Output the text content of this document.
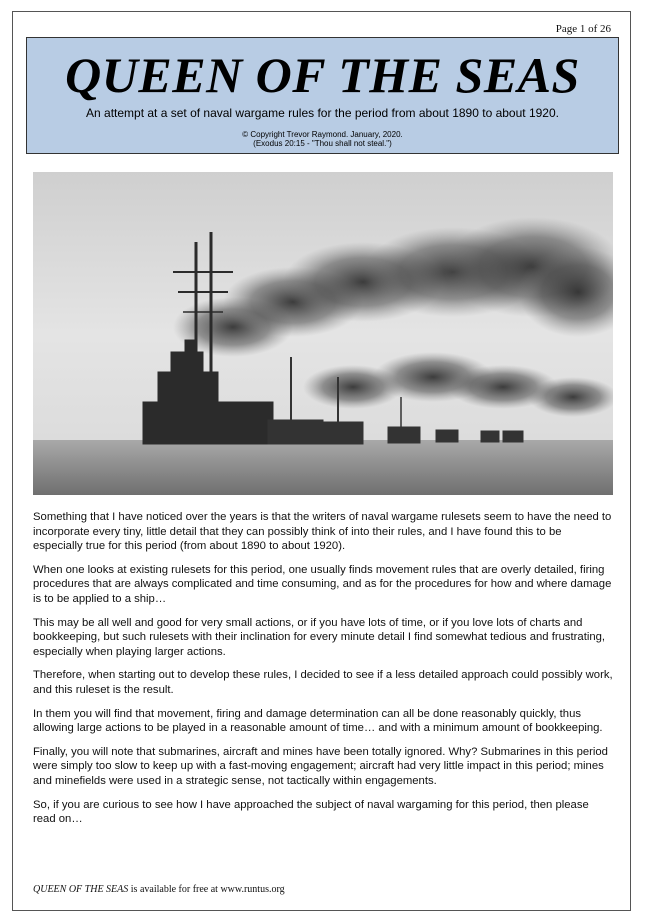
Page 1 of 26
QUEEN OF THE SEAS
An attempt at a set of naval wargame rules for the period from about 1890 to about 1920.
© Copyright Trevor Raymond. January, 2020.
(Exodus 20:15 - "Thou shall not steal.")

Something that I have noticed over the years is that the writers of naval wargame rulesets seem to have the need to incorporate every tiny, little detail that they can possibly think of into their rules, and I have found this to be especially true for this period (from about 1890 to about 1920).

When one looks at existing rulesets for this period, one usually finds movement rules that are overly detailed, firing procedures that are always complicated and time consuming, and as for the procedures for how and where damage is to be applied to a ship…

This may be all well and good for very small actions, or if you have lots of time, or if you love lots of charts and bookkeeping, but such rulesets with their inclination for every minute detail I find somewhat tedious and frustrating, especially when playing larger actions.

Therefore, when starting out to develop these rules, I decided to see if a less detailed approach could possibly work, and this ruleset is the result.

In them you will find that movement, firing and damage determination can all be done reasonably quickly, thus allowing large actions to be played in a reasonable amount of time… and with a minimum amount of bookkeeping.

Finally, you will note that submarines, aircraft and mines have been totally ignored. Why? Submarines in this period were simply too slow to keep up with a fast-moving engagement; aircraft had very little impact in this period; mines and minefields were used in a strategic sense, not tactically within engagements.

So, if you are curious to see how I have approached the subject of naval wargaming for this period, then please read on…

QUEEN OF THE SEAS is available for free at www.runtus.org
